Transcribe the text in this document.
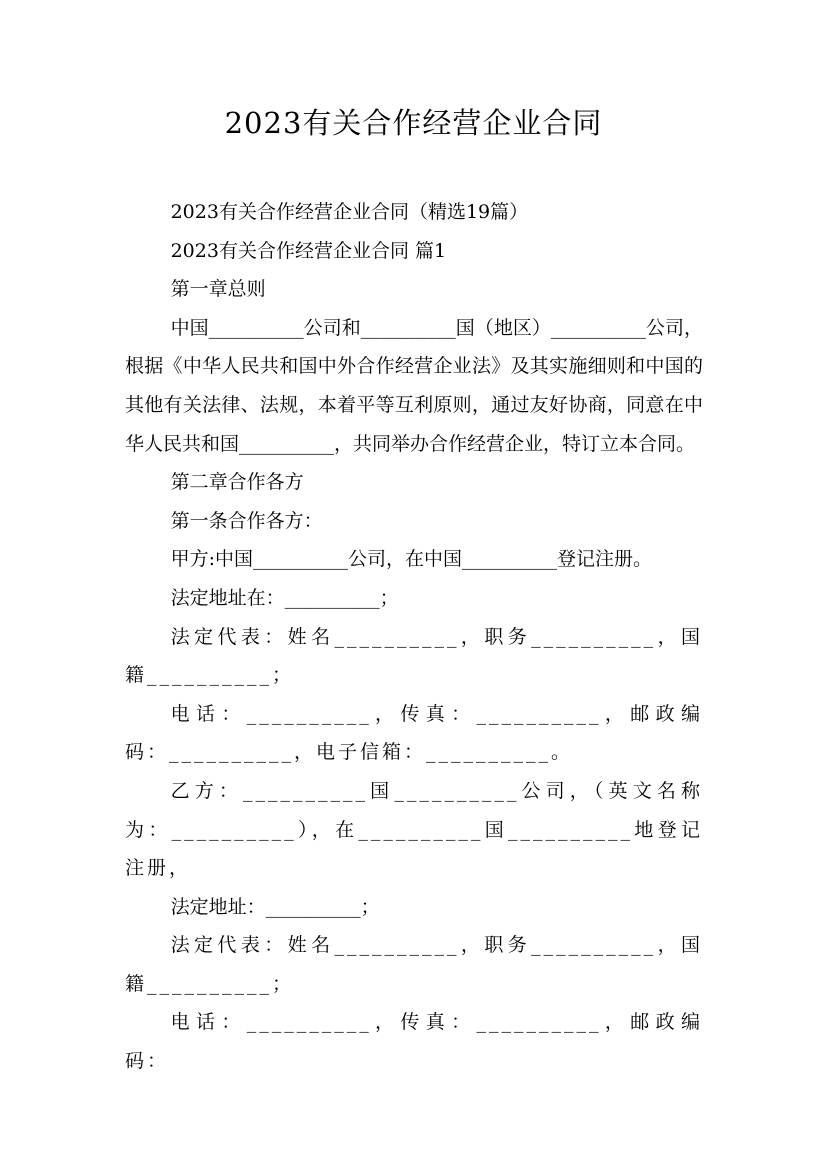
2023有关合作经营企业合同

2023有关合作经营企业合同（精选19篇）

2023有关合作经营企业合同 篇1

第一章总则

中国__________公司和__________国（地区）__________公司，根据《中华人民共和国中外合作经营企业法》及其实施细则和中国的其他有关法律、法规，本着平等互利原则，通过友好协商，同意在中华人民共和国__________，共同举办合作经营企业，特订立本合同。

第二章合作各方

第一条合作各方：

甲方:中国__________公司，在中国__________登记注册。

法定地址在：__________；

法定代表：姓名__________，职务__________，国籍__________；

电话：__________，传真：__________，邮政编码：__________，电子信箱：__________。

乙方：__________国__________公司，（英文名称为：__________），在__________国__________地登记注册，

法定地址：__________；

法定代表：姓名__________，职务__________，国籍__________；

电话：__________，传真：__________，邮政编码：
